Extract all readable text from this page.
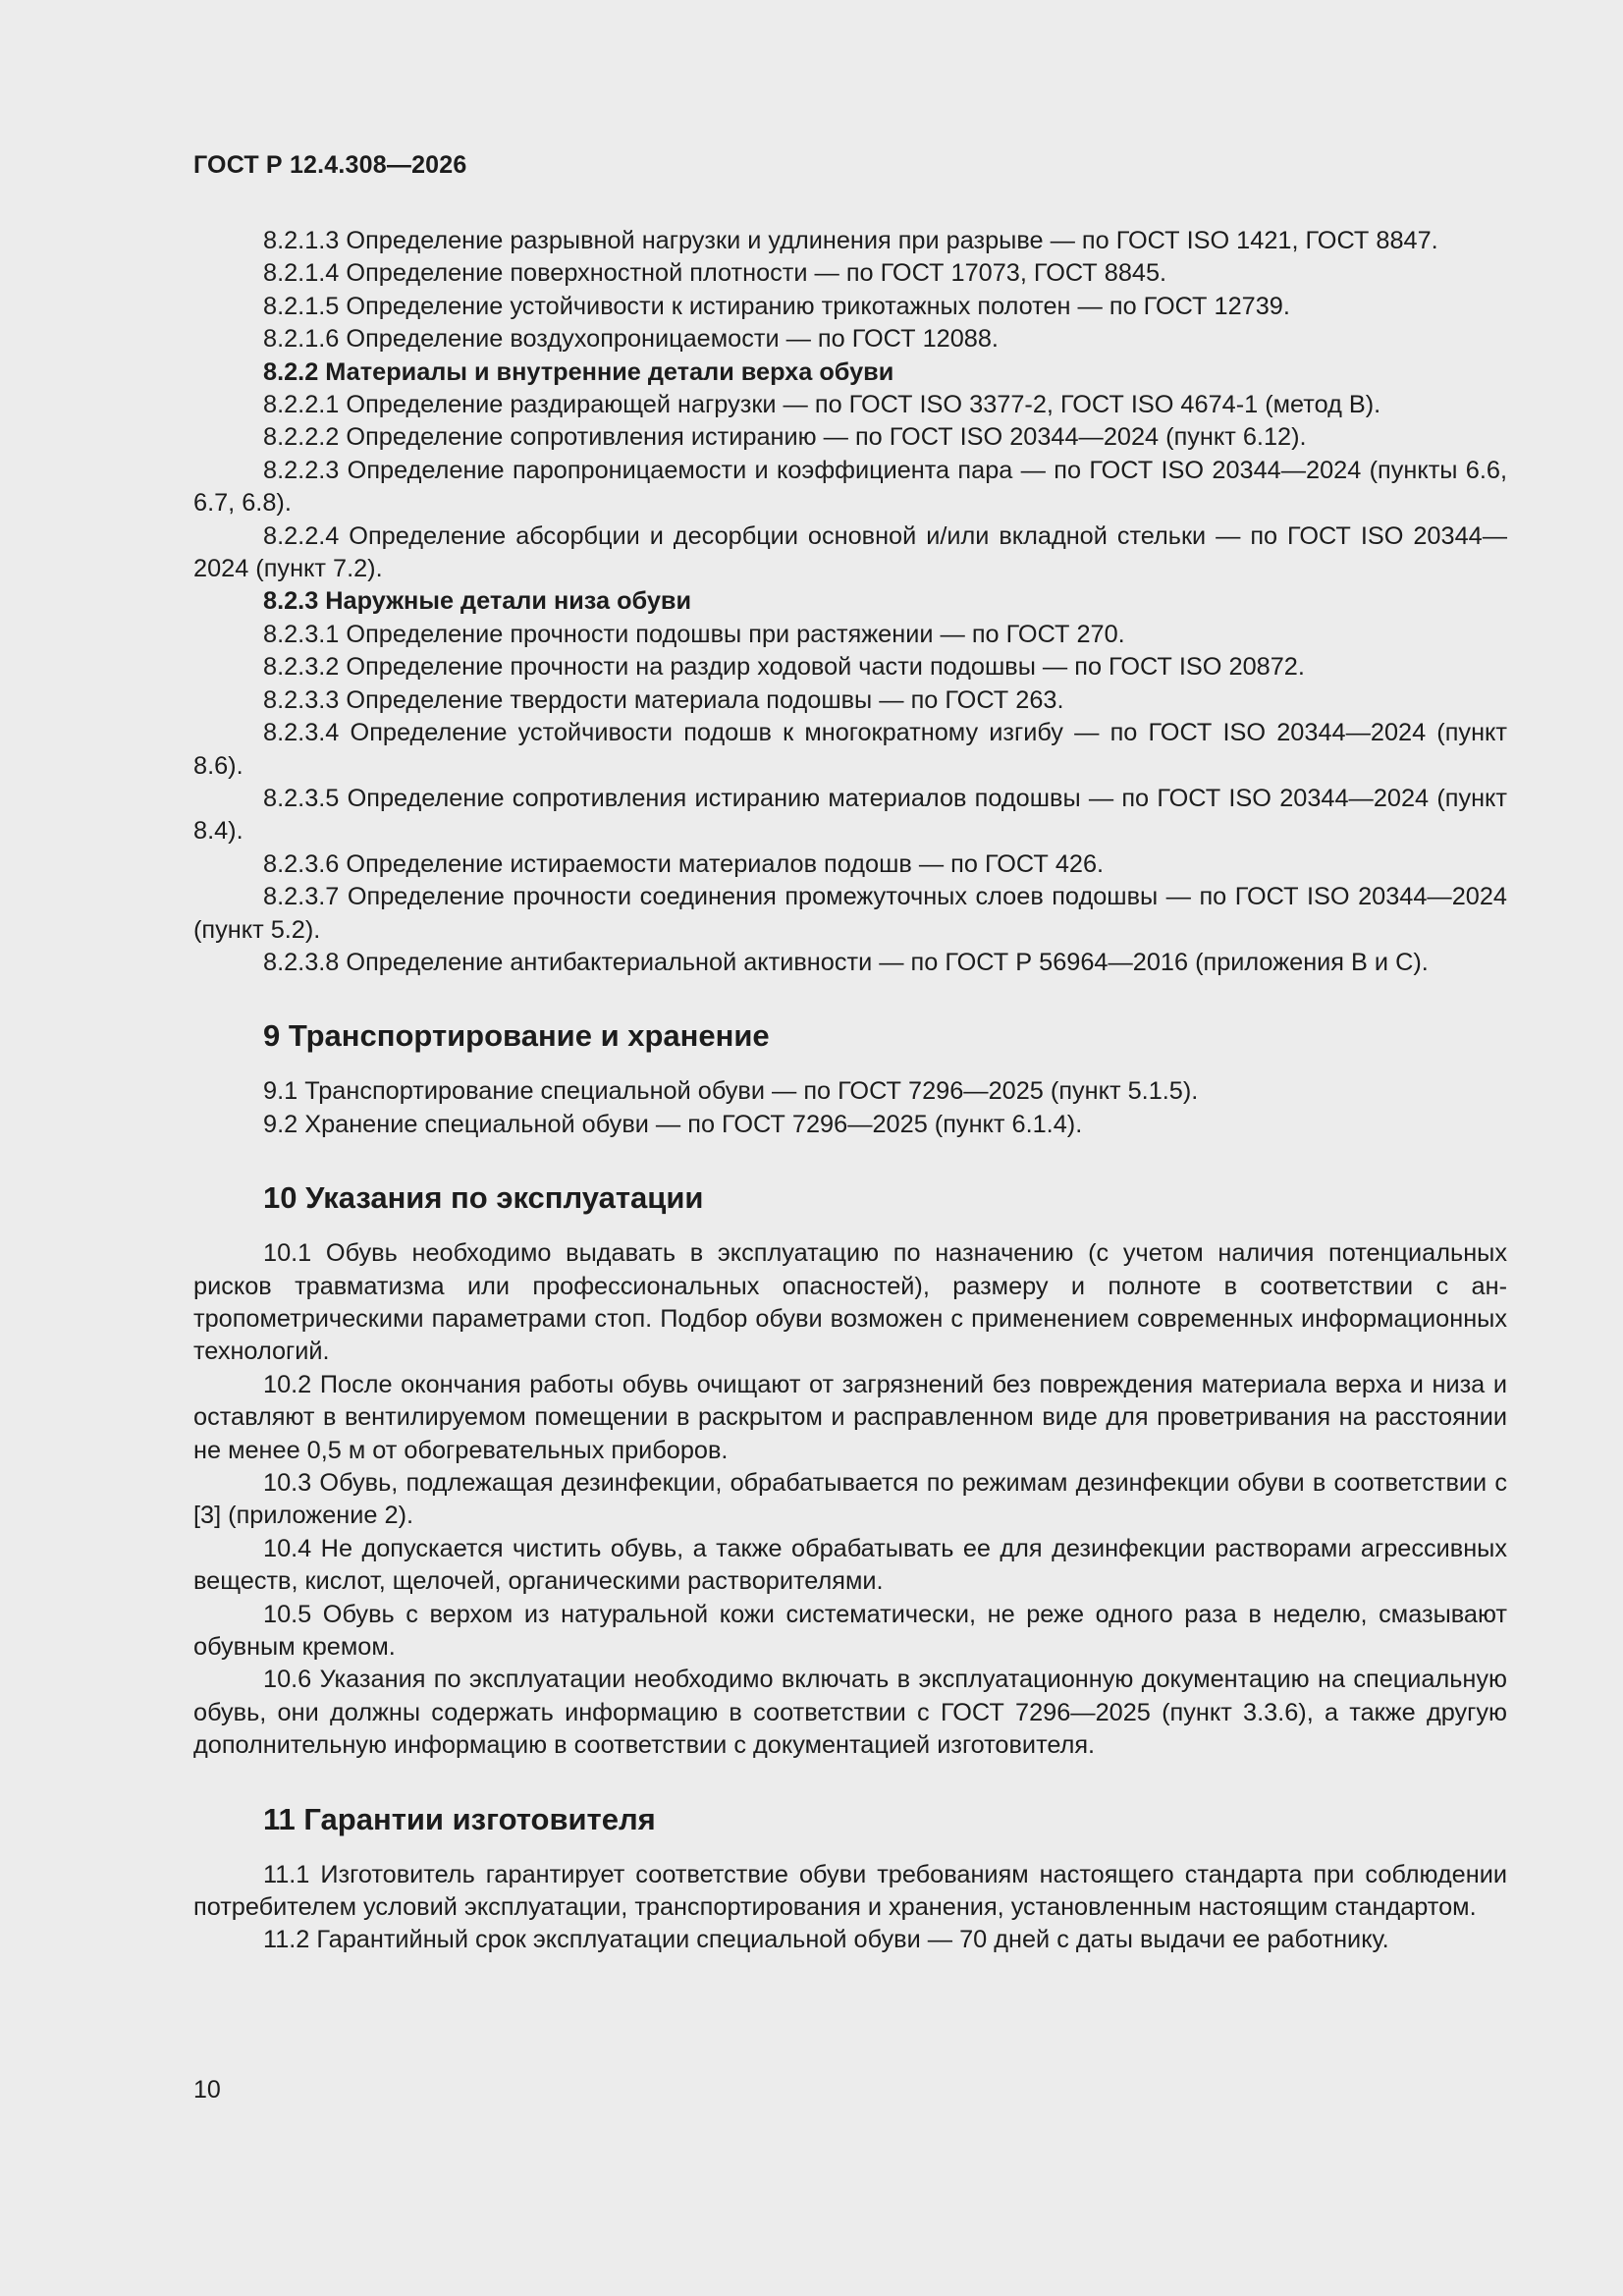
ГОСТ Р 12.4.308—2026

8.2.1.3 Определение разрывной нагрузки и удлинения при разрыве — по ГОСТ ISO 1421, ГОСТ 8847.

8.2.1.4 Определение поверхностной плотности — по ГОСТ 17073, ГОСТ 8845.

8.2.1.5 Определение устойчивости к истиранию трикотажных полотен — по ГОСТ 12739.

8.2.1.6 Определение воздухопроницаемости — по ГОСТ 12088.

8.2.2 Материалы и внутренние детали верха обуви

8.2.2.1 Определение раздирающей нагрузки — по ГОСТ ISO 3377-2, ГОСТ ISO 4674-1 (метод B).

8.2.2.2 Определение сопротивления истиранию — по ГОСТ ISO 20344—2024 (пункт 6.12).

8.2.2.3 Определение паропроницаемости и коэффициента пара — по ГОСТ ISO 20344—2024 (пункты 6.6, 6.7, 6.8).

8.2.2.4 Определение абсорбции и десорбции основной и/или вкладной стельки — по ГОСТ ISO 20344—2024 (пункт 7.2).

8.2.3 Наружные детали низа обуви

8.2.3.1 Определение прочности подошвы при растяжении — по ГОСТ 270.

8.2.3.2 Определение прочности на раздир ходовой части подошвы — по ГОСТ ISO 20872.

8.2.3.3 Определение твердости материала подошвы — по ГОСТ 263.

8.2.3.4 Определение устойчивости подошв к многократному изгибу — по ГОСТ ISO 20344—2024 (пункт 8.6).

8.2.3.5 Определение сопротивления истиранию материалов подошвы — по ГОСТ ISO 20344—2024 (пункт 8.4).

8.2.3.6 Определение истираемости материалов подошв — по ГОСТ 426.

8.2.3.7 Определение прочности соединения промежуточных слоев подошвы — по ГОСТ ISO 20344—2024 (пункт 5.2).

8.2.3.8 Определение антибактериальной активности — по ГОСТ Р 56964—2016 (приложения В и С).

9 Транспортирование и хранение

9.1 Транспортирование специальной обуви — по ГОСТ 7296—2025 (пункт 5.1.5).

9.2 Хранение специальной обуви — по ГОСТ 7296—2025 (пункт 6.1.4).

10 Указания по эксплуатации

10.1 Обувь необходимо выдавать в эксплуатацию по назначению (с учетом наличия потенциальных рисков травматизма или профессиональных опасностей), размеру и полноте в соответствии с антропометрическими параметрами стоп. Подбор обуви возможен с применением современных информационных технологий.

10.2 После окончания работы обувь очищают от загрязнений без повреждения материала верха и низа и оставляют в вентилируемом помещении в раскрытом и расправленном виде для проветривания на расстоянии не менее 0,5 м от обогревательных приборов.

10.3 Обувь, подлежащая дезинфекции, обрабатывается по режимам дезинфекции обуви в соответствии с [3] (приложение 2).

10.4 Не допускается чистить обувь, а также обрабатывать ее для дезинфекции растворами агрессивных веществ, кислот, щелочей, органическими растворителями.

10.5 Обувь с верхом из натуральной кожи систематически, не реже одного раза в неделю, смазывают обувным кремом.

10.6 Указания по эксплуатации необходимо включать в эксплуатационную документацию на специальную обувь, они должны содержать информацию в соответствии с ГОСТ 7296—2025 (пункт 3.3.6), а также другую дополнительную информацию в соответствии с документацией изготовителя.

11 Гарантии изготовителя

11.1 Изготовитель гарантирует соответствие обуви требованиям настоящего стандарта при соблюдении потребителем условий эксплуатации, транспортирования и хранения, установленным настоящим стандартом.

11.2 Гарантийный срок эксплуатации специальной обуви — 70 дней с даты выдачи ее работнику.

10
